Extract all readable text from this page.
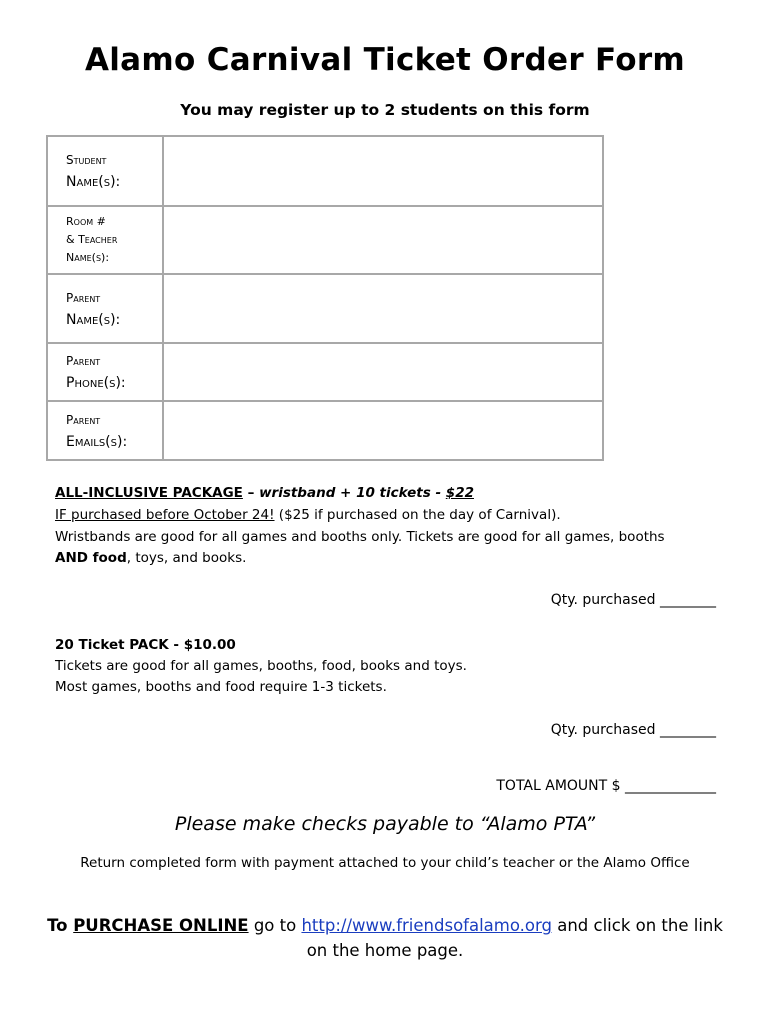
Alamo Carnival Ticket Order Form
You may register up to 2 students on this form
Student
Name(s):	

Room #
& Teacher
Name(s):	

Parent
Name(s):	

Parent
Phone(s):	

Parent
Emails(s):	

ALL-INCLUSIVE PACKAGE – wristband + 10 tickets - $22
IF purchased before October 24! ($25 if purchased on the day of Carnival).
Wristbands are good for all games and booths only. Tickets are good for all games, booths
AND food, toys, and books.
Qty. purchased ________
20 Ticket PACK - $10.00
Tickets are good for all games, booths, food, books and toys.
Most games, booths and food require 1-3 tickets.
Qty. purchased ________
TOTAL AMOUNT $ _____________
Please make checks payable to “Alamo PTA”
Return completed form with payment attached to your child’s teacher or the Alamo Office
To PURCHASE ONLINE go to http://www.friendsofalamo.org and click on the link on the home page.
